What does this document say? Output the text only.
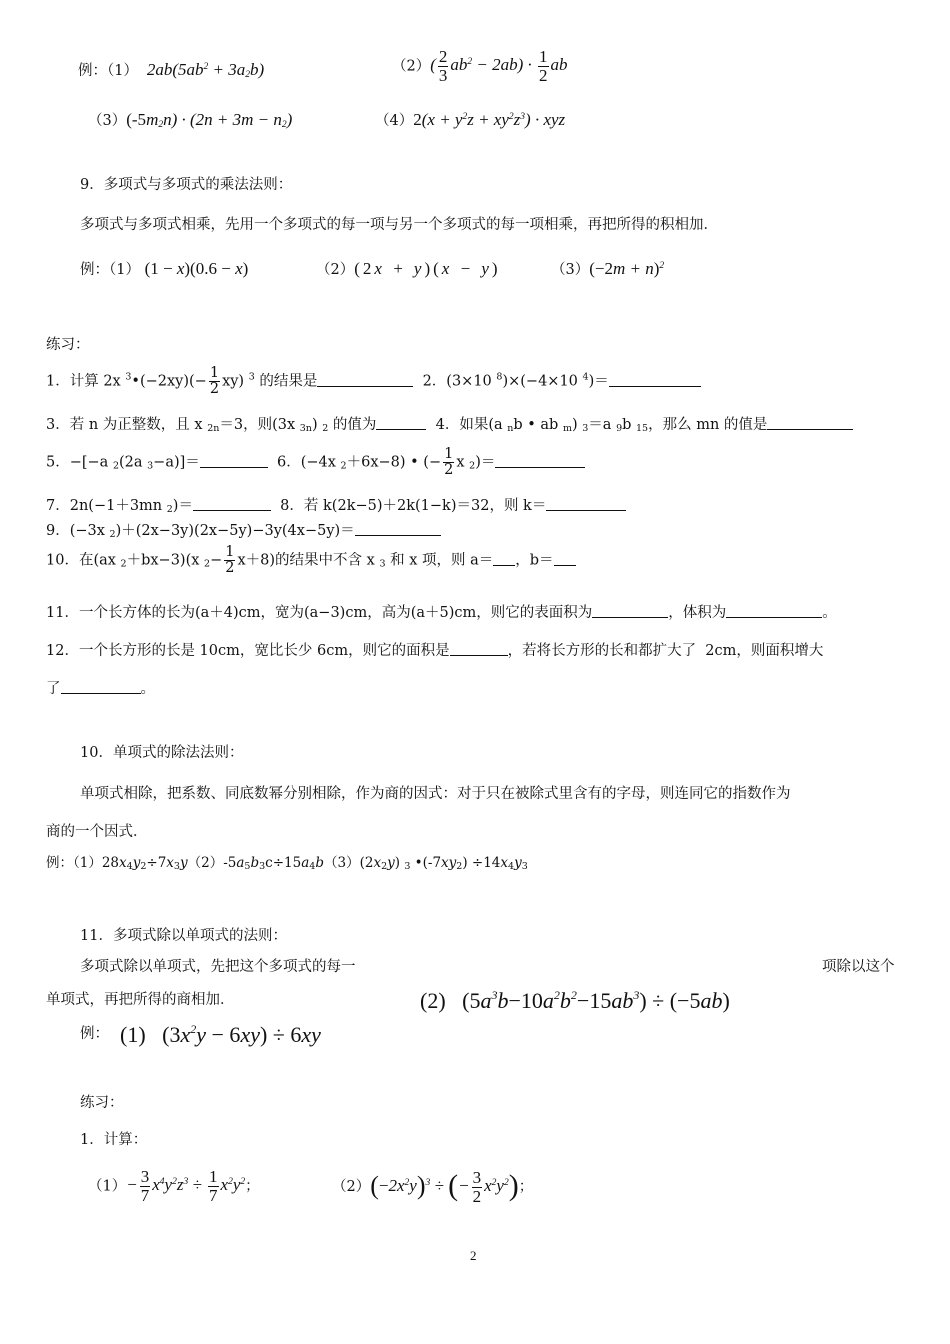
例：（1）  $2ab(5ab^2 + 3a_2b)$	$(2)( \frac{2}{3} ab^2 - 2ab) \cdot \frac{1}{2}$ ab
$(3)(-5m_2n) \cdot (2n + 3m - n_2)$	$(4)2(x + y^2z + xy^2z^3)$ · xyz
9．多项式与多项式的乘法法则：
多项式与多项式相乘，先用一个多项式的每一项与另一个多项式的每一项相乘，再把所得的积相加．
例：（1） (1 − x)(0.6 − x)	（2）(2x + y)(x − y)	$(3)(-2m + n)^2$
练习：
1．计算 2x $^3$•(−2xy)(− $\frac{1}{2} xy$) $^3$ 的结果是	2．(3×10 $^8$)×(−4×10 $^4$)＝
3．若 n 为正整数，且 x $_{2n}$＝3，则(3x $_{3n}$) $_2$ 的值为	4．如果(a $_n$b • ab $_m$) $_3$＝a $_9$b $_{15}$，那么 mn 的值是
5．−[−a $_2$(2a $_3$−a)]＝	6．(−4x $_2$＋6x−8) • (− $\frac{1}{2}$ x $_2$)＝
7．2n(−1＋3mn $_2$)＝	8．若 k(2k−5)＋2k(1−k)＝32，则 k＝
9．(−3x $_2$)＋(2x−3y)(2x−5y)−3y(4x−5y)＝
10．在(ax $_2$＋bx−3)(x $_2- \frac{1}{2} x+8$)的结果中不含 x $_3$ 和 x 项，则 a＝ ，b＝
11．一个长方体的长为(a＋4)cm，宽为(a−3)cm，高为(a＋5)cm，则它的表面积为	，体积为	。
12．一个长方形的长是 10cm，宽比长少 6cm，则它的面积是	，若将长方形的长和都扩大了  2cm，则面积增大
了	。
10．单项式的除法法则：
单项式相除，把系数、同底数幂分别相除，作为商的因式：对于只在被除式里含有的字母，则连同它的指数作为
商的一个因式．
例：$(1)28x_4y_2\div 7x_3y(2)-5a_5b_3c\div 15a_4b(3)(2x_2y)$ $_3$ $•(-7xy_2) \div 14x_4y_3$
11．多项式除以单项式的法则：
多项式除以单项式，先把这个多项式的每一	项除以这个
单项式，再把所得的商相加．	(2) $(5a^3b-10a^2b^2-15ab^3) \div (-5ab)$
例： (1) $(3x^2y - 6xy) \div 6xy$
练习：
1．计算：
$(1)- \frac{3}{7} x^4y^2z^3 \div \frac{1}{7} x^2y^2$；	$(2)(-2x^2y)^3$ ÷ (− $\frac{3}{2} x^2y^2$)；
2
